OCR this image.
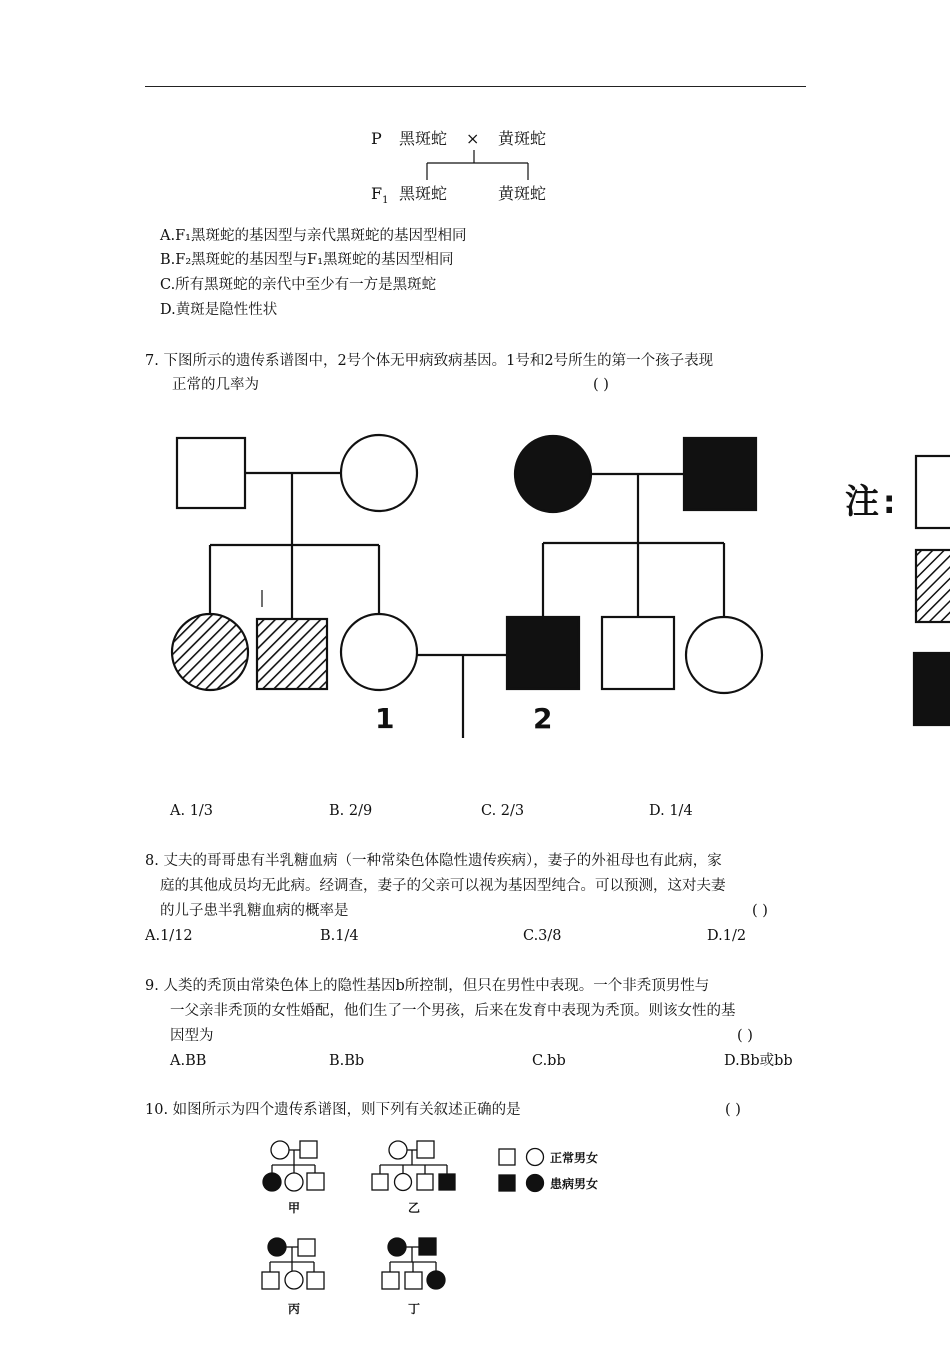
P 黑斑蛇 × 黄斑蛇
$F_1$ 黑斑蛇	黄斑蛇
A.F₁黑斑蛇的基因型与亲代黑斑蛇的基因型相同
B.F₂黑斑蛇的基因型与F₁黑斑蛇的基因型相同
C.所有黑斑蛇的亲代中至少有一方是黑斑蛇
D.黄斑是隐性性状
7. 下图所示的遗传系谱图中，2号个体无甲病致病基因。1号和2号所生的第一个孩子表现
正常的几率为	( )
1	2
注:
A. 1/3	B. 2/9	C. 2/3	D. 1/4
8. 丈夫的哥哥患有半乳糖血病（一种常染色体隐性遗传疾病），妻子的外祖母也有此病，家
庭的其他成员均无此病。经调查，妻子的父亲可以视为基因型纯合。可以预测，这对夫妻
的儿子患半乳糖血病的概率是	( )
A.1/12	B.1/4	C.3/8	D.1/2
9. 人类的秃顶由常染色体上的隐性基因b所控制，但只在男性中表现。一个非秃顶男性与
一父亲非秃顶的女性婚配，他们生了一个男孩，后来在发育中表现为秃顶。则该女性的基
因型为	( )
A.BB	B.Bb	C.bb	D.Bb或bb
10. 如图所示为四个遗传系谱图，则下列有关叙述正确的是	( )
正常男女
患病男女
甲	乙
丙	丁
